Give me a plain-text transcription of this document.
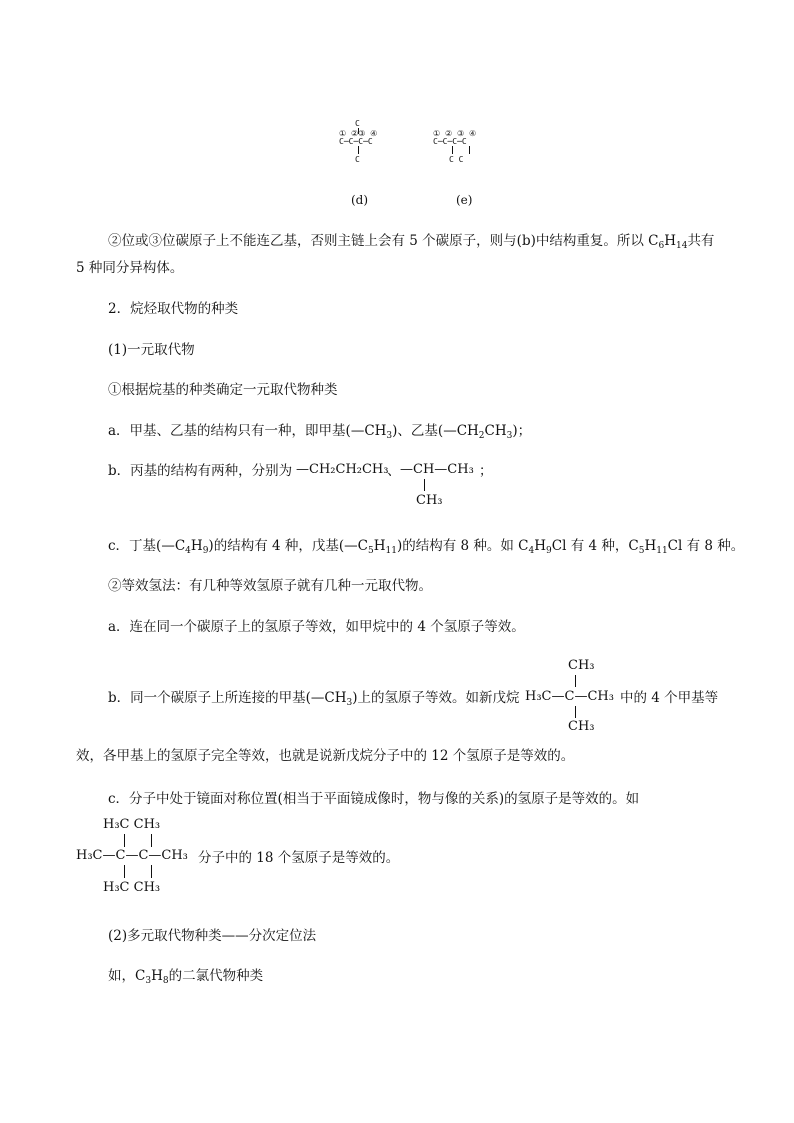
C
① ②③ ④
C─C─C─C
C
(d)
① ② ③ ④
C─C─C─C
C C
(e)
②位或③位碳原子上不能连乙基，否则主链上会有 5 个碳原子，则与(b)中结构重复。所以 $C_6H_{14}$共有
5 种同分异构体。
2．烷烃取代物的种类
(1)一元取代物
①根据烷基的种类确定一元取代物种类
a．甲基、乙基的结构只有一种，即甲基$(—CH_3)$、乙基$(—CH_2CH_3)$；
b．丙基的结构有两种，分别为 —CH₂CH₂CH₃
、 —CH—CH₃
CH₃
；
c．丁基$(—C_4H_9)$的结构有 4 种，戊基$(—C_5H_{11})$的结构有 8 种。如 $C_4H_9Cl$ 有 4 种，$C_5H_{11}Cl$ 有 8 种。
②等效氢法：有几种等效氢原子就有几种一元取代物。
a．连在同一个碳原子上的氢原子等效，如甲烷中的 4 个氢原子等效。
CH₃
b．同一个碳原子上所连接的甲基$(—CH_3)$上的氢原子等效。如新戊烷 H₃C—C—CH₃ 中的 4 个甲基等
CH₃
效，各甲基上的氢原子完全等效，也就是说新戊烷分子中的 12 个氢原子是等效的。
c．分子中处于镜面对称位置(相当于平面镜成像时，物与像的关系)的氢原子是等效的。如
H₃C CH₃
H₃C—C—C—CH₃ 分子中的 18 个氢原子是等效的。
H₃C CH₃
(2)多元取代物种类——分次定位法
如，$C_3H_8$的二氯代物种类
